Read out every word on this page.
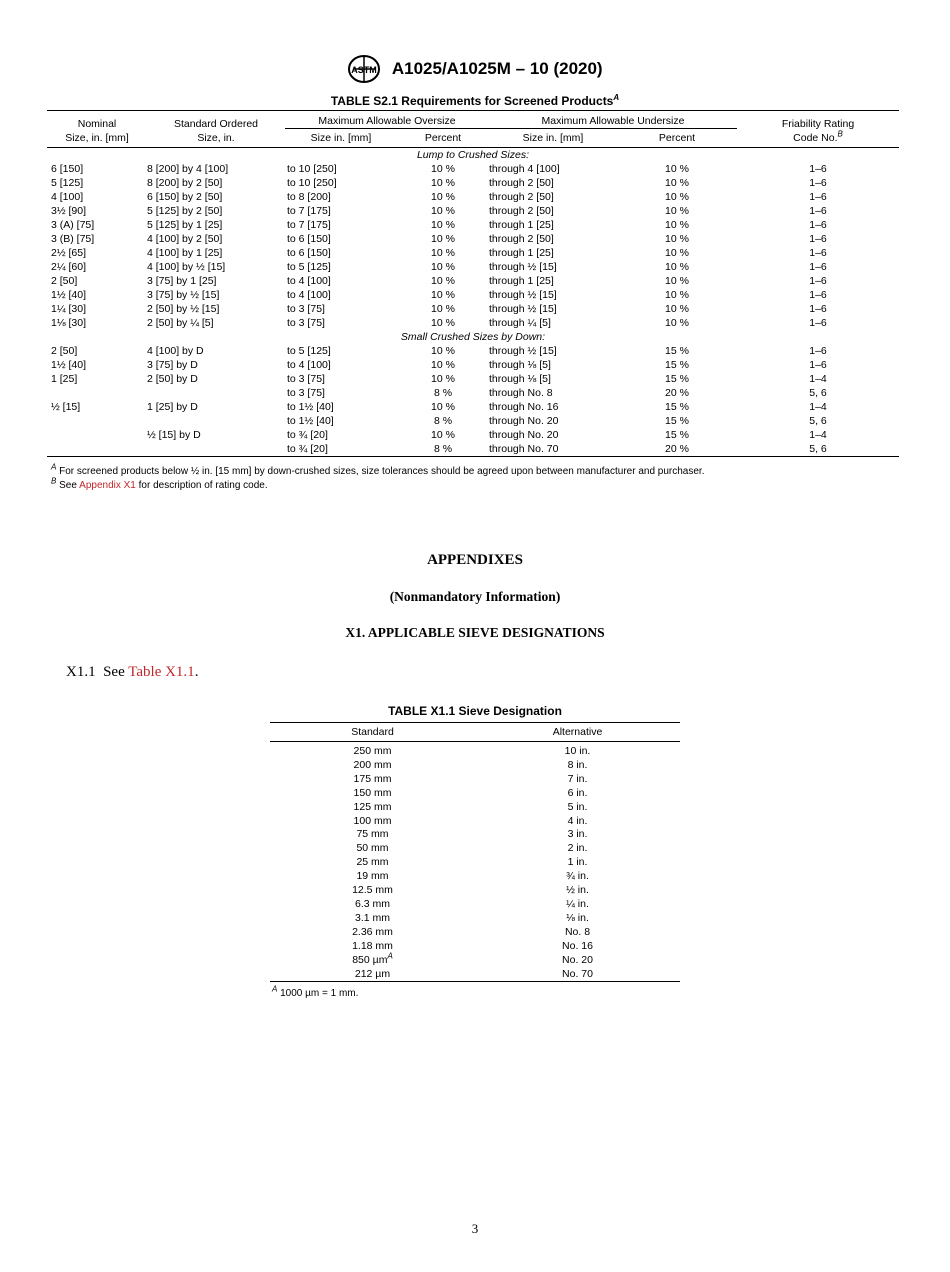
ASTM A1025/A1025M – 10 (2020)
TABLE S2.1 Requirements for Screened Products$^A$
Nominal
Size, in. [mm]	Standard Ordered
Size, in.	Maximum Allowable Oversize		Maximum Allowable Undersize		Friability Rating
Code No.$^B$
		Size in. [mm]	Percent	Size in. [mm]	Percent	

Lump to Crushed Sizes:						
6 [150]	8 [200] by 4 [100]	to 10 [250]	10 %	through 4 [100]	10 %	1–6
5 [125]	8 [200] by 2 [50]	to 10 [250]	10 %	through 2 [50]	10 %	1–6
4 [100]	6 [150] by 2 [50]	to 8 [200]	10 %	through 2 [50]	10 %	1–6
3½ [90]	5 [125] by 2 [50]	to 7 [175]	10 %	through 2 [50]	10 %	1–6
3 (A) [75]	5 [125] by 1 [25]	to 7 [175]	10 %	through 1 [25]	10 %	1–6
3 (B) [75]	4 [100] by 2 [50]	to 6 [150]	10 %	through 2 [50]	10 %	1–6
2½ [65]	4 [100] by 1 [25]	to 6 [150]	10 %	through 1 [25]	10 %	1–6
2¼ [60]	4 [100] by ½ [15]	to 5 [125]	10 %	through ½ [15]	10 %	1–6
2 [50]	3 [75] by 1 [25]	to 4 [100]	10 %	through 1 [25]	10 %	1–6
1½ [40]	3 [75] by ½ [15]	to 4 [100]	10 %	through ½ [15]	10 %	1–6
1¼ [30]	2 [50] by ½ [15]	to 3 [75]	10 %	through ½ [15]	10 %	1–6
1⅛ [30]	2 [50] by ¼ [5]	to 3 [75]	10 %	through ¼ [5]	10 %	1–6
Small Crushed Sizes by Down:						
2 [50]	4 [100] by D	to 5 [125]	10 %	through ½ [15]	15 %	1–6
1½ [40]	3 [75] by D	to 4 [100]	10 %	through ⅛ [5]	15 %	1–6
1 [25]	2 [50] by D	to 3 [75]	10 %	through ⅛ [5]	15 %	1–4
		to 3 [75]	8 %	through No. 8	20 %	5, 6
½ [15]	1 [25] by D	to 1½ [40]	10 %	through No. 16	15 %	1–4
		to 1½ [40]	8 %	through No. 20	15 %	5, 6
	½ [15] by D	to ¾ [20]	10 %	through No. 20	15 %	1–4
		to ¾ [20]	8 %	through No. 70	20 %	5, 6
$^A$ For screened products below ½ in. [15 mm] by down-crushed sizes, size tolerances should be agreed upon between manufacturer and purchaser.
$^B$ See Appendix X1 for description of rating code.
APPENDIXES
(Nonmandatory Information)
X1. APPLICABLE SIEVE DESIGNATIONS
X1.1 See Table X1.1.
TABLE X1.1 Sieve Designation
Standard	Alternative
250 mm	10 in.
200 mm	8 in.
175 mm	7 in.
150 mm	6 in.
125 mm	5 in.
100 mm	4 in.
75 mm	3 in.
50 mm	2 in.
25 mm	1 in.
19 mm	¾ in.
12.5 mm	½ in.
6.3 mm	¼ in.
3.1 mm	⅛ in.
2.36 mm	No. 8
1.18 mm	No. 16
850 µm$^A$	No. 20
212 µm	No. 70
$^A$ 1000 µm = 1 mm.
3
